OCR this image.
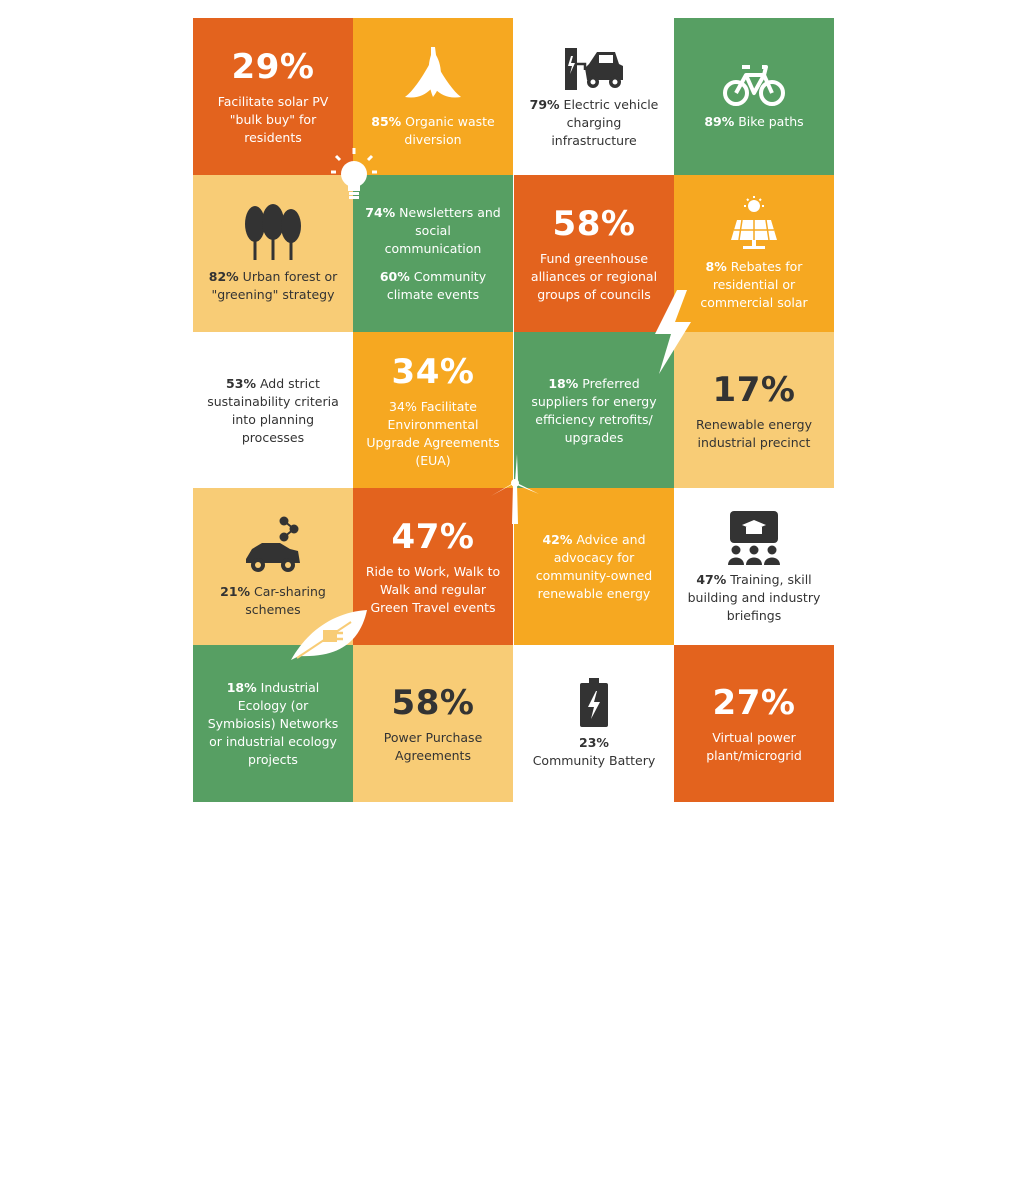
29%
Facilitate solar PV "bulk buy" for residents
85% Organic waste diversion
79% Electric vehicle charging infrastructure
89% Bike paths
82% Urban forest or "greening" strategy
74% Newsletters and social communication
60% Community climate events
58%
Fund greenhouse alliances or regional groups of councils
8% Rebates for residential or commercial solar
53% Add strict sustainability criteria into planning processes
34%
34% Facilitate Environmental Upgrade Agreements (EUA)
18% Preferred suppliers for energy efficiency retrofits/ upgrades
17%
Renewable energy industrial precinct
21% Car-sharing schemes
47%
Ride to Work, Walk to Walk and regular Green Travel events
42% Advice and advocacy for community-owned renewable energy
47% Training, skill building and industry briefings
18% Industrial Ecology (or Symbiosis) Networks or industrial ecology projects
58%
Power Purchase Agreements
23%
Community Battery
27%
Virtual power plant/microgrid
